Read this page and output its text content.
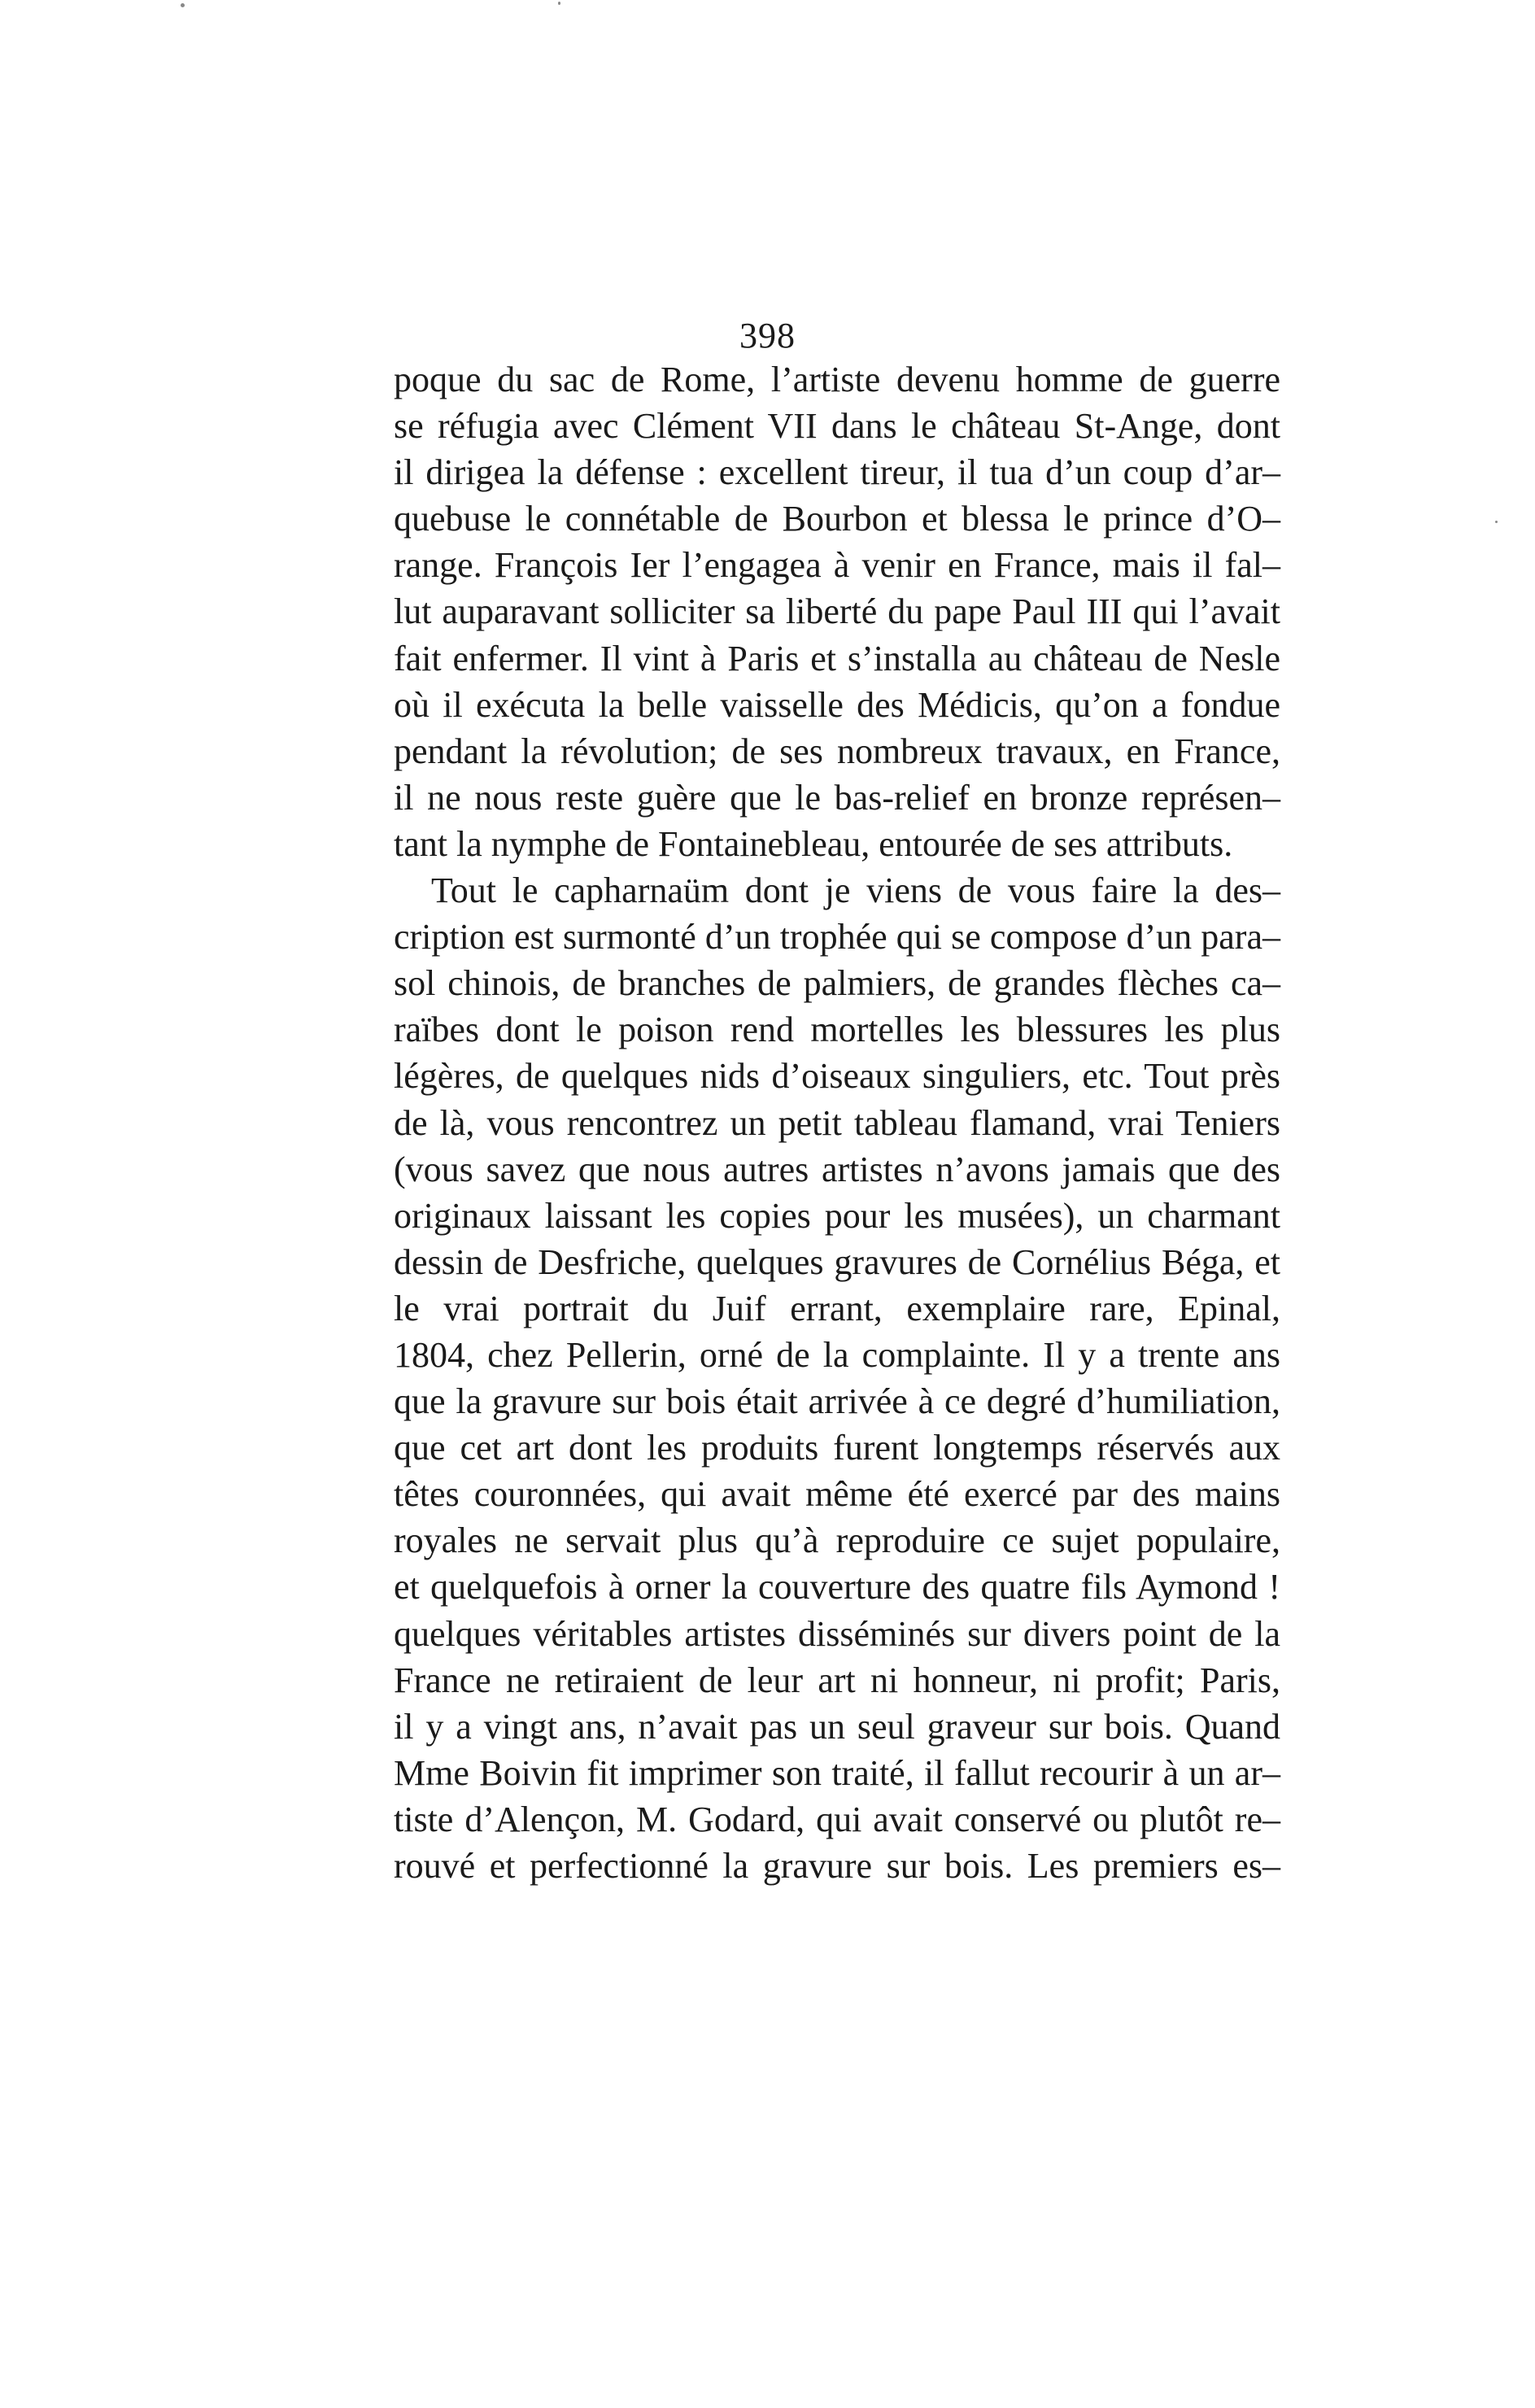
398
poque du sac de Rome, l’artiste devenu homme de guerre
se réfugia avec Clément VII dans le château St-Ange, dont
il dirigea la défense : excellent tireur, il tua d’un coup d’ar–
quebuse le connétable de Bourbon et blessa le prince d’O–
range. François Ier l’engagea à venir en France, mais il fal–
lut auparavant solliciter sa liberté du pape Paul III qui l’avait
fait enfermer. Il vint à Paris et s’installa au château de Nesle
où il exécuta la belle vaisselle des Médicis, qu’on a fondue
pendant la révolution; de ses nombreux travaux, en France,
il ne nous reste guère que le bas-relief en bronze représen–
tant la nymphe de Fontainebleau, entourée de ses attributs.
Tout le capharnaüm dont je viens de vous faire la des–
cription est surmonté d’un trophée qui se compose d’un para–
sol chinois, de branches de palmiers, de grandes flèches ca–
raïbes dont le poison rend mortelles les blessures les plus
légères, de quelques nids d’oiseaux singuliers, etc. Tout près
de là, vous rencontrez un petit tableau flamand, vrai Teniers
(vous savez que nous autres artistes n’avons jamais que des
originaux laissant les copies pour les musées), un charmant
dessin de Desfriche, quelques gravures de Cornélius Béga, et
le vrai portrait du Juif errant, exemplaire rare, Epinal,
1804, chez Pellerin, orné de la complainte. Il y a trente ans
que la gravure sur bois était arrivée à ce degré d’humiliation,
que cet art dont les produits furent longtemps réservés aux
têtes couronnées, qui avait même été exercé par des mains
royales ne servait plus qu’à reproduire ce sujet populaire,
et quelquefois à orner la couverture des quatre fils Aymond !
quelques véritables artistes disséminés sur divers point de la
France ne retiraient de leur art ni honneur, ni profit; Paris,
il y a vingt ans, n’avait pas un seul graveur sur bois. Quand
Mme Boivin fit imprimer son traité, il fallut recourir à un ar–
tiste d’Alençon, M. Godard, qui avait conservé ou plutôt re–
rouvé et perfectionné la gravure sur bois. Les premiers es–
